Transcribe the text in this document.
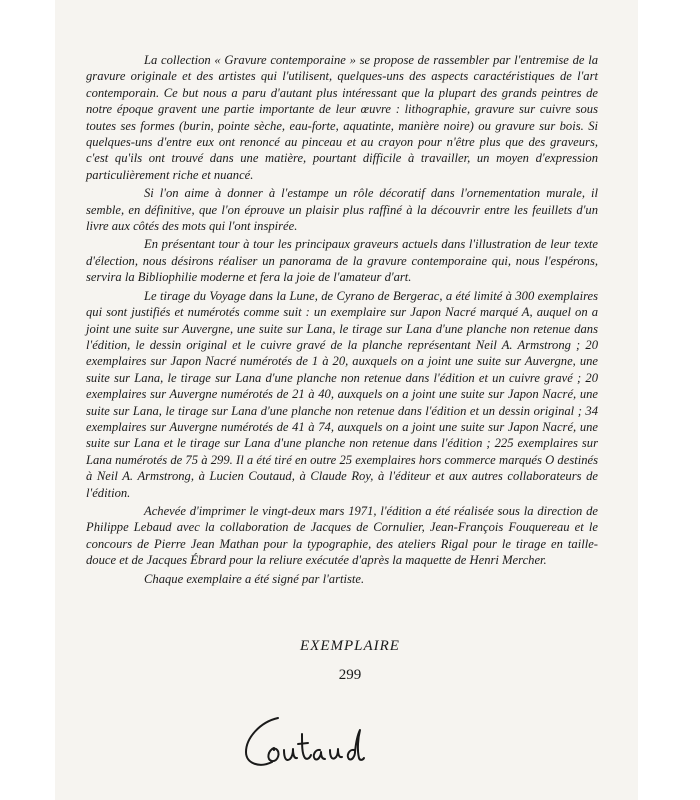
La collection « Gravure contemporaine » se propose de rassembler par l'entremise de la gravure originale et des artistes qui l'utilisent, quelques-uns des aspects caractéristiques de l'art contemporain. Ce but nous a paru d'autant plus intéressant que la plupart des grands peintres de notre époque gravent une partie importante de leur œuvre : lithographie, gravure sur cuivre sous toutes ses formes (burin, pointe sèche, eau-forte, aquatinte, manière noire) ou gravure sur bois. Si quelques-uns d'entre eux ont renoncé au pinceau et au crayon pour n'être plus que des graveurs, c'est qu'ils ont trouvé dans une matière, pourtant difficile à travailler, un moyen d'expression particulièrement riche et nuancé.

Si l'on aime à donner à l'estampe un rôle décoratif dans l'ornementation murale, il semble, en définitive, que l'on éprouve un plaisir plus raffiné à la découvrir entre les feuillets d'un livre aux côtés des mots qui l'ont inspirée.

En présentant tour à tour les principaux graveurs actuels dans l'illustration de leur texte d'élection, nous désirons réaliser un panorama de la gravure contemporaine qui, nous l'espérons, servira la Bibliophilie moderne et fera la joie de l'amateur d'art.

Le tirage du Voyage dans la Lune, de Cyrano de Bergerac, a été limité à 300 exemplaires qui sont justifiés et numérotés comme suit : un exemplaire sur Japon Nacré marqué A, auquel on a joint une suite sur Auvergne, une suite sur Lana, le tirage sur Lana d'une planche non retenue dans l'édition, le dessin original et le cuivre gravé de la planche représentant Neil A. Armstrong ; 20 exemplaires sur Japon Nacré numérotés de 1 à 20, auxquels on a joint une suite sur Auvergne, une suite sur Lana, le tirage sur Lana d'une planche non retenue dans l'édition et un cuivre gravé ; 20 exemplaires sur Auvergne numérotés de 21 à 40, auxquels on a joint une suite sur Japon Nacré, une suite sur Lana, le tirage sur Lana d'une planche non retenue dans l'édition et un dessin original ; 34 exemplaires sur Auvergne numérotés de 41 à 74, auxquels on a joint une suite sur Japon Nacré, une suite sur Lana et le tirage sur Lana d'une planche non retenue dans l'édition ; 225 exemplaires sur Lana numérotés de 75 à 299. Il a été tiré en outre 25 exemplaires hors commerce marqués O destinés à Neil A. Armstrong, à Lucien Coutaud, à Claude Roy, à l'éditeur et aux autres collaborateurs de l'édition.

Achevée d'imprimer le vingt-deux mars 1971, l'édition a été réalisée sous la direction de Philippe Lebaud avec la collaboration de Jacques de Cornulier, Jean-François Fouquereau et le concours de Pierre Jean Mathan pour la typographie, des ateliers Rigal pour le tirage en taille-douce et de Jacques Ébrard pour la reliure exécutée d'après la maquette de Henri Mercher.

Chaque exemplaire a été signé par l'artiste.

EXEMPLAIRE
299
